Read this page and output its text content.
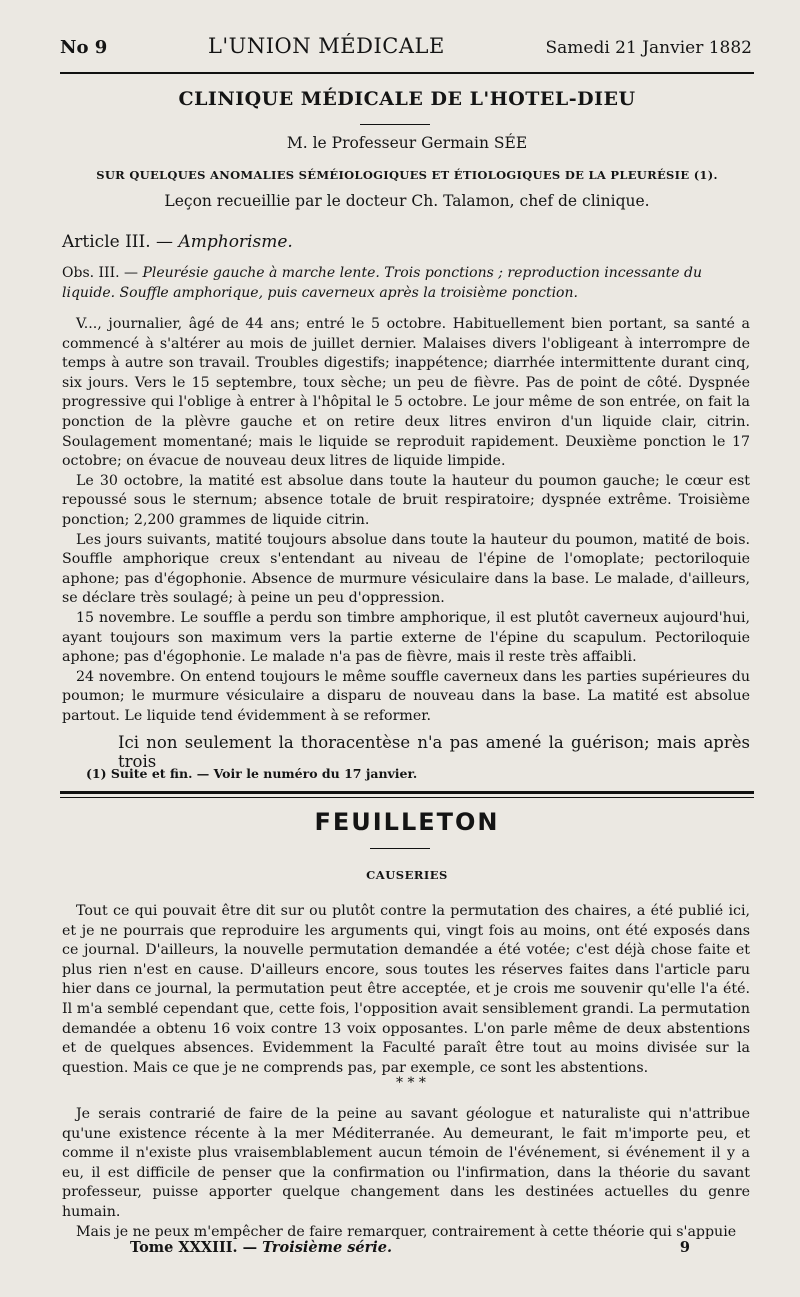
No 9	L'UNION MÉDICALE	Samedi 21 Janvier 1882
CLINIQUE MÉDICALE DE L'HOTEL-DIEU
M. le Professeur Germain SÉE
SUR QUELQUES ANOMALIES SÉMÉIOLOGIQUES ET ÉTIOLOGIQUES DE LA PLEURÉSIE (1).
Leçon recueillie par le docteur Ch. Talamon, chef de clinique.
Article III. — Amphorisme.
Obs. III. — Pleurésie gauche à marche lente. Trois ponctions ; reproduction incessante du liquide. Souffle amphorique, puis caverneux après la troisième ponction.

V..., journalier, âgé de 44 ans; entré le 5 octobre. Habituellement bien portant, sa santé a commencé à s'altérer au mois de juillet dernier. Malaises divers l'obligeant à interrompre de temps à autre son travail. Troubles digestifs; inappétence; diarrhée intermittente durant cinq, six jours. Vers le 15 septembre, toux sèche; un peu de fièvre. Pas de point de côté. Dyspnée progressive qui l'oblige à entrer à l'hôpital le 5 octobre. Le jour même de son entrée, on fait la ponction de la plèvre gauche et on retire deux litres environ d'un liquide clair, citrin. Soulagement momentané; mais le liquide se reproduit rapidement. Deuxième ponction le 17 octobre; on évacue de nouveau deux litres de liquide limpide.

Le 30 octobre, la matité est absolue dans toute la hauteur du poumon gauche; le cœur est repoussé sous le sternum; absence totale de bruit respiratoire; dyspnée extrême. Troisième ponction; 2,200 grammes de liquide citrin.

Les jours suivants, matité toujours absolue dans toute la hauteur du poumon, matité de bois. Souffle amphorique creux s'entendant au niveau de l'épine de l'omoplate; pectoriloquie aphone; pas d'égophonie. Absence de murmure vésiculaire dans la base. Le malade, d'ailleurs, se déclare très soulagé; à peine un peu d'oppression.

15 novembre. Le souffle a perdu son timbre amphorique, il est plutôt caverneux aujourd'hui, ayant toujours son maximum vers la partie externe de l'épine du scapulum. Pectoriloquie aphone; pas d'égophonie. Le malade n'a pas de fièvre, mais il reste très affaibli.

24 novembre. On entend toujours le même souffle caverneux dans les parties supérieures du poumon; le murmure vésiculaire a disparu de nouveau dans la base. La matité est absolue partout. Le liquide tend évidemment à se reformer.

Ici non seulement la thoracentèse n'a pas amené la guérison; mais après trois
(1) Suite et fin. — Voir le numéro du 17 janvier.
FEUILLETON
CAUSERIES

Tout ce qui pouvait être dit sur ou plutôt contre la permutation des chaires, a été publié ici, et je ne pourrais que reproduire les arguments qui, vingt fois au moins, ont été exposés dans ce journal. D'ailleurs, la nouvelle permutation demandée a été votée; c'est déjà chose faite et plus rien n'est en cause. D'ailleurs encore, sous toutes les réserves faites dans l'article paru hier dans ce journal, la permutation peut être acceptée, et je crois me souvenir qu'elle l'a été. Il m'a semblé cependant que, cette fois, l'opposition avait sensiblement grandi. La permutation demandée a obtenu 16 voix contre 13 voix opposantes. L'on parle même de deux abstentions et de quelques absences. Evidemment la Faculté paraît être tout au moins divisée sur la question. Mais ce que je ne comprends pas, par exemple, ce sont les abstentions.

* * *

Je serais contrarié de faire de la peine au savant géologue et naturaliste qui n'attribue qu'une existence récente à la mer Méditerranée. Au demeurant, le fait m'importe peu, et comme il n'existe plus vraisemblablement aucun témoin de l'événement, si événement il y a eu, il est difficile de penser que la confirmation ou l'infirmation, dans la théorie du savant professeur, puisse apporter quelque changement dans les destinées actuelles du genre humain.

Mais je ne peux m'empêcher de faire remarquer, contrairement à cette théorie qui s'appuie

Tome XXXIII. — Troisième série.	9
